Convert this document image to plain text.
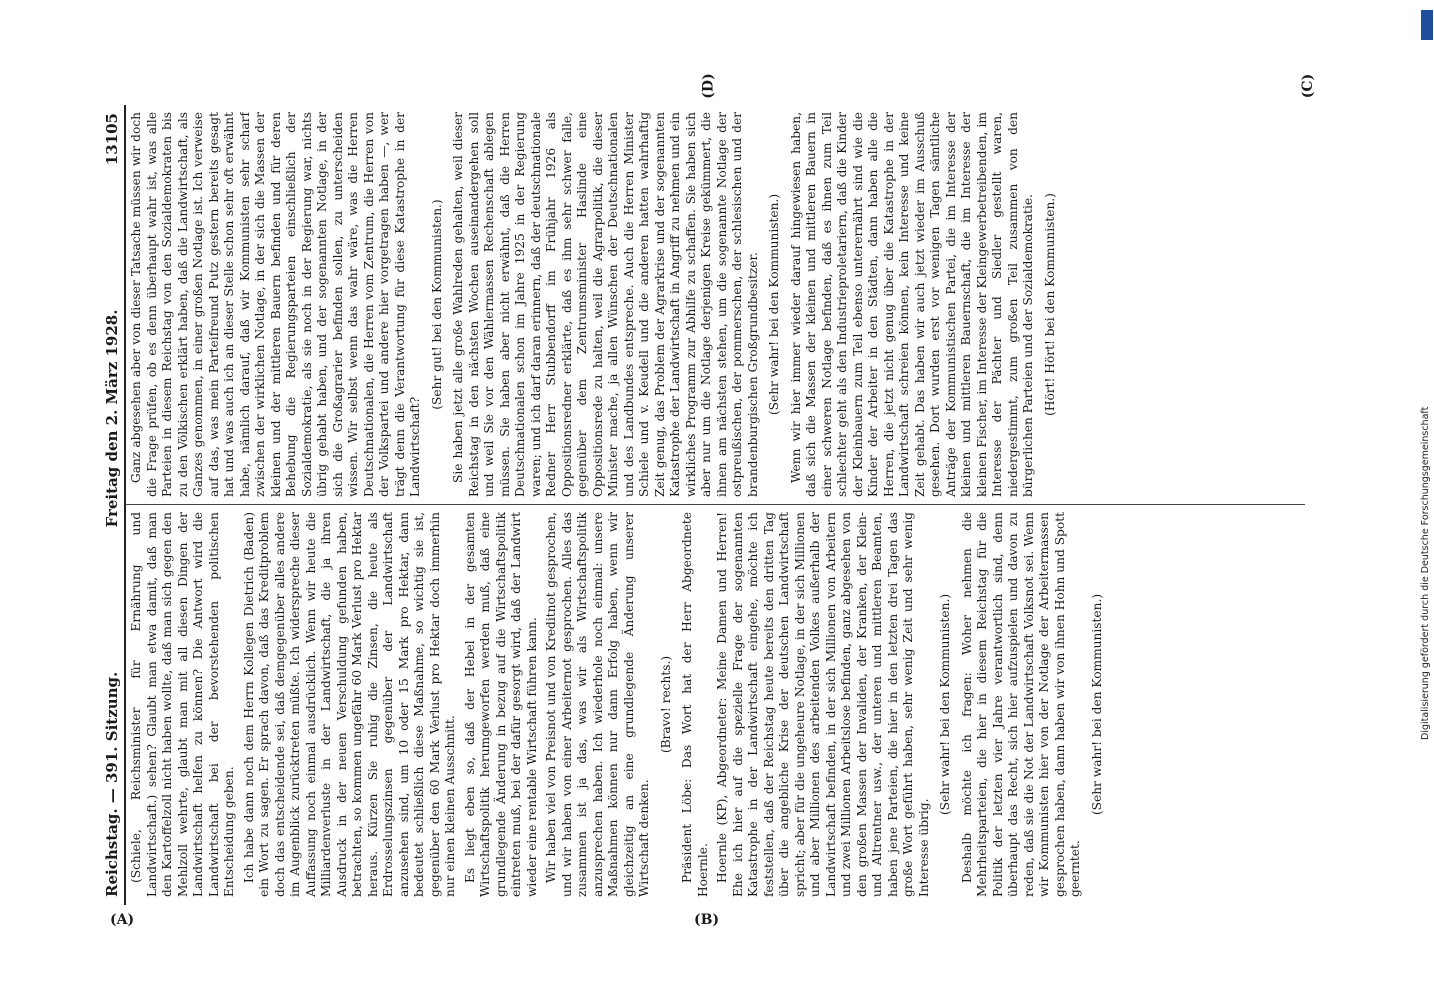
Reichstag. — 391. Sitzung.
Freitag den 2. März 1928.
13105

(Schiele, Reichsminister für Ernährung und Landwirtschaft.) sehen? Glaubt man etwa damit, daß man den Kartoffelzoll nicht haben wollte, daß man sich gegen den Mehlzoll wehrte, glaubt man mit all diesen Dingen der Landwirtschaft helfen zu können? Die Antwort wird die Landwirtschaft bei der bevorstehenden politischen Entscheidung geben. Ich habe dann noch dem Herrn Kollegen Dietrich (Baden) ein Wort zu sagen. Er sprach davon, daß das Kreditproblem doch das entscheidende sei, daß demgegenüber alles andere im Augenblick zurücktreten müßte. Ich widerspreche dieser Auffassung noch einmal ausdrücklich. Wenn wir heute die Milliardenverluste in der Landwirtschaft, die ja ihren Ausdruck in der neuen Verschuldung gefunden haben, betrachten, so kommen ungefähr 60 Mark Verlust pro Hektar heraus. Kürzen Sie ruhig die Zinsen, die heute als Erdrosselungszinsen gegenüber der Landwirtschaft anzusehen sind, um 10 oder 15 Mark pro Hektar, dann bedeutet schließlich diese Maßnahme, so wichtig sie ist, gegenüber den 60 Mark Verlust pro Hektar doch immerhin nur einen kleinen Ausschnitt. Es liegt eben so, daß der Hebel in der gesamten Wirtschaftspolitik herumgeworfen werden muß, daß eine grundlegende Änderung in bezug auf die Wirtschaftspolitik eintreten muß, bei der dafür gesorgt wird, daß der Landwirt wieder eine rentable Wirtschaft führen kann. Wir haben viel von Preisnot und von Kreditnot gesprochen, und wir haben von einer Arbeiternot gesprochen. Alles das zusammen ist ja das, was wir als Wirtschaftspolitik anzusprechen haben. Ich wiederhole noch einmal: unsere Maßnahmen können nur dann Erfolg haben, wenn wir gleichzeitig an eine grundlegende Änderung unserer Wirtschaft denken.

(Bravo! rechts.) Präsident Löbe: Das Wort hat der Herr Abgeordnete Hoernle. Hoernle (KP), Abgeordneter: Meine Damen und Herren! Ehe ich hier auf die spezielle Frage der sogenannten Katastrophe in der Landwirtschaft eingehe, möchte ich feststellen, daß der Reichstag heute bereits den dritten Tag über die angebliche Krise der deutschen Landwirtschaft spricht; aber für die ungeheure Notlage, in der sich Millionen und aber Millionen des arbeitenden Volkes außerhalb der Landwirtschaft befinden, in der sich Millionen von Arbeitern und zwei Millionen Arbeitslose befinden, ganz abgesehen von den großen Massen der Invaliden, der Kranken, der Klein- und Altrentner usw., der unteren und mittleren Beamten, haben jene Parteien, die hier in den letzten drei Tagen das große Wort geführt haben, sehr wenig Zeit und sehr wenig Interesse übrig.

(Sehr wahr! bei den Kommunisten.) Deshalb möchte ich fragen: Woher nehmen die Mehrheitsparteien, die hier in diesem Reichstag für die Politik der letzten vier Jahre verantwortlich sind, denn überhaupt das Recht, sich hier aufzuspielen und davon zu reden, daß sie die Not der Landwirtschaft Volksnot sei. Wenn wir Kommunisten hier von der Notlage der Arbeitermassen gesprochen haben, dann haben wir von ihnen Hohn und Spott geerntet.

(Sehr wahr! bei den Kommunisten.)

Ganz abgesehen aber von dieser Tatsache müssen wir doch die Frage prüfen, ob es denn überhaupt wahr ist, was alle Parteien in diesem Reichstag von den Sozialdemokraten bis zu den Völkischen erklärt haben, daß die Landwirtschaft, als Ganzes genommen, in einer großen Notlage ist. Ich verweise auf das, was mein Parteifreund Putz gestern bereits gesagt hat und was auch ich an dieser Stelle schon sehr oft erwähnt habe, nämlich darauf, daß wir Kommunisten sehr scharf zwischen der wirklichen Notlage, in der sich die Massen der kleinen und der mittleren Bauern befinden und für deren Behebung die Regierungsparteien einschließlich der Sozialdemokratie, als sie noch in der Regierung war, nichts übrig gehabt haben, und der sogenannten Notlage, in der sich die Großagrarier befinden sollen, zu unterscheiden wissen. Wir selbst wenn das wahr wäre, was die Herren Deutschnationalen, die Herren vom Zentrum, die Herren von der Volkspartei und andere hier vorgetragen haben —, wer trägt denn die Verantwortung für diese Katastrophe in der Landwirtschaft?

(Sehr gut! bei den Kommunisten.) Sie haben jetzt alle große Wahlreden gehalten, weil dieser Reichstag in den nächsten Wochen auseinandergehen soll und weil Sie vor den Wählermassen Rechenschaft ablegen müssen. Sie haben aber nicht erwähnt, daß die Herren Deutschnationalen schon im Jahre 1925 in der Regierung waren; und ich darf daran erinnern, daß der deutschnationale Redner Herr Stubbendorff im Frühjahr 1926 als Oppositionsredner erklärte, daß es ihm sehr schwer falle, gegenüber dem Zentrumsminister Haslinde eine Oppositionsrede zu halten, weil die Agrarpolitik, die dieser Minister mache, ja allen Wünschen der Deutschnationalen und des Landbundes entspreche. Auch die Herren Minister Schiele und v. Keudell und die anderen hatten wahrhaftig Zeit genug, das Problem der Agrarkrise und der sogenannten Katastrophe der Landwirtschaft in Angriff zu nehmen und ein wirkliches Programm zur Abhilfe zu schaffen. Sie haben sich aber nur um die Notlage derjenigen Kreise gekümmert, die ihnen am nächsten stehen, um die sogenannte Notlage der ostpreußischen, der pommerschen, der schlesischen und der brandenburgischen Großgrundbesitzer. (Sehr wahr! bei den Kommunisten.) Wenn wir hier immer wieder darauf hingewiesen haben, daß sich die Massen der kleinen und mittleren Bauern in einer schweren Notlage befinden, daß es ihnen zum Teil schlechter geht als den Industrieproletariern, daß die Kinder der Kleinbauern zum Teil ebenso unterernährt sind wie die Kinder der Arbeiter in den Städten, dann haben alle die Herren, die jetzt nicht genug über die Katastrophe in der Landwirtschaft schreien können, kein Interesse und keine Zeit gehabt. Das haben wir auch jetzt wieder im Ausschuß gesehen. Dort wurden erst vor wenigen Tagen sämtliche Anträge der Kommunistischen Partei, die im Interesse der kleinen und mittleren Bauernschaft, die im Interesse der kleinen Fischer, im Interesse der Kleingewerbetreibenden, im Interesse der Pächter und Siedler gestellt waren, niedergestimmt, zum großen Teil zusammen von den bürgerlichen Parteien und der Sozialdemokratie. (Hört! Hört! bei den Kommunisten.)

(A)	(B)
(C)
(D)
Digitalisierung gefördert durch die Deutsche Forschungsgemeinschaft
